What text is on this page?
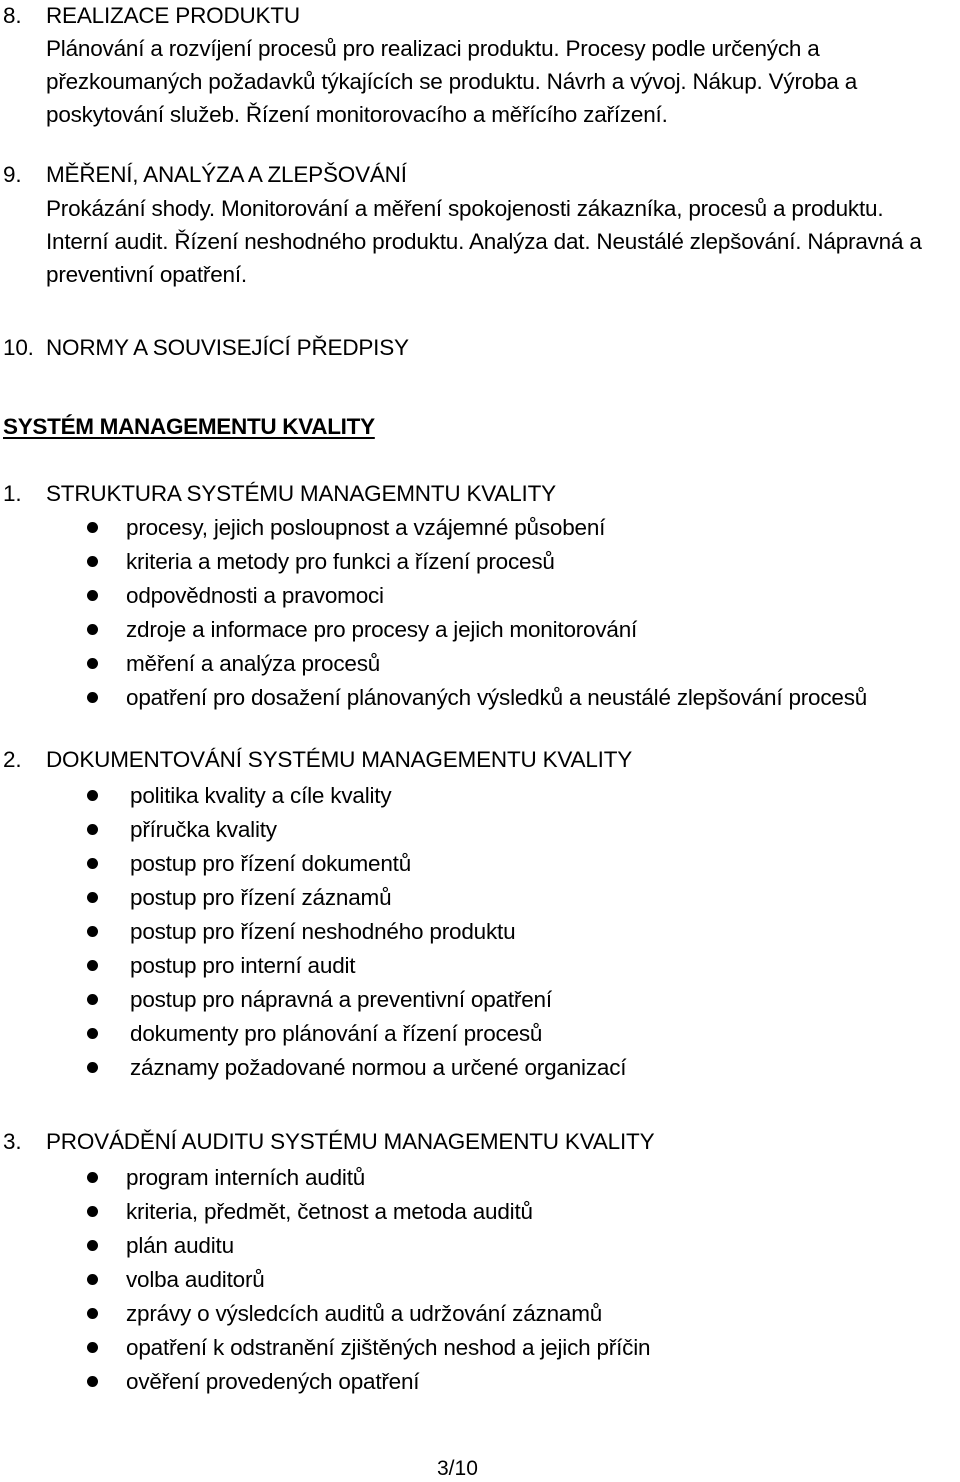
8. REALIZACE PRODUKTU
Plánování a rozvíjení procesů pro realizaci produktu. Procesy podle určených a
přezkoumaných požadavků týkajících se produktu. Návrh a vývoj. Nákup. Výroba a
poskytování služeb. Řízení monitorovacího a měřícího zařízení.
9. MĚŘENÍ, ANALÝZA A ZLEPŠOVÁNÍ
Prokázání shody. Monitorování a měření spokojenosti zákazníka, procesů a produktu.
Interní audit. Řízení neshodného produktu. Analýza dat. Neustálé zlepšování. Nápravná a
preventivní opatření.
10. NORMY A SOUVISEJÍCÍ PŘEDPISY
SYSTÉM MANAGEMENTU KVALITY
1. STRUKTURA SYSTÉMU MANAGEMNTU KVALITY
procesy, jejich posloupnost a vzájemné působení
kriteria a metody pro funkci a řízení procesů
odpovědnosti a pravomoci
zdroje a informace pro procesy a jejich monitorování
měření a analýza procesů
opatření pro dosažení plánovaných výsledků a neustálé zlepšování procesů
2. DOKUMENTOVÁNÍ SYSTÉMU MANAGEMENTU KVALITY
politika kvality a cíle kvality
příručka kvality
postup pro řízení dokumentů
postup pro řízení záznamů
postup pro řízení neshodného produktu
postup pro interní audit
postup pro nápravná a preventivní opatření
dokumenty pro plánování a řízení procesů
záznamy požadované normou a určené organizací
3. PROVÁDĚNÍ AUDITU SYSTÉMU MANAGEMENTU KVALITY
program interních auditů
kriteria, předmět, četnost a metoda auditů
plán auditu
volba auditorů
zprávy o výsledcích auditů a udržování záznamů
opatření k odstranění zjištěných neshod a jejich příčin
ověření provedených opatření
3/10
